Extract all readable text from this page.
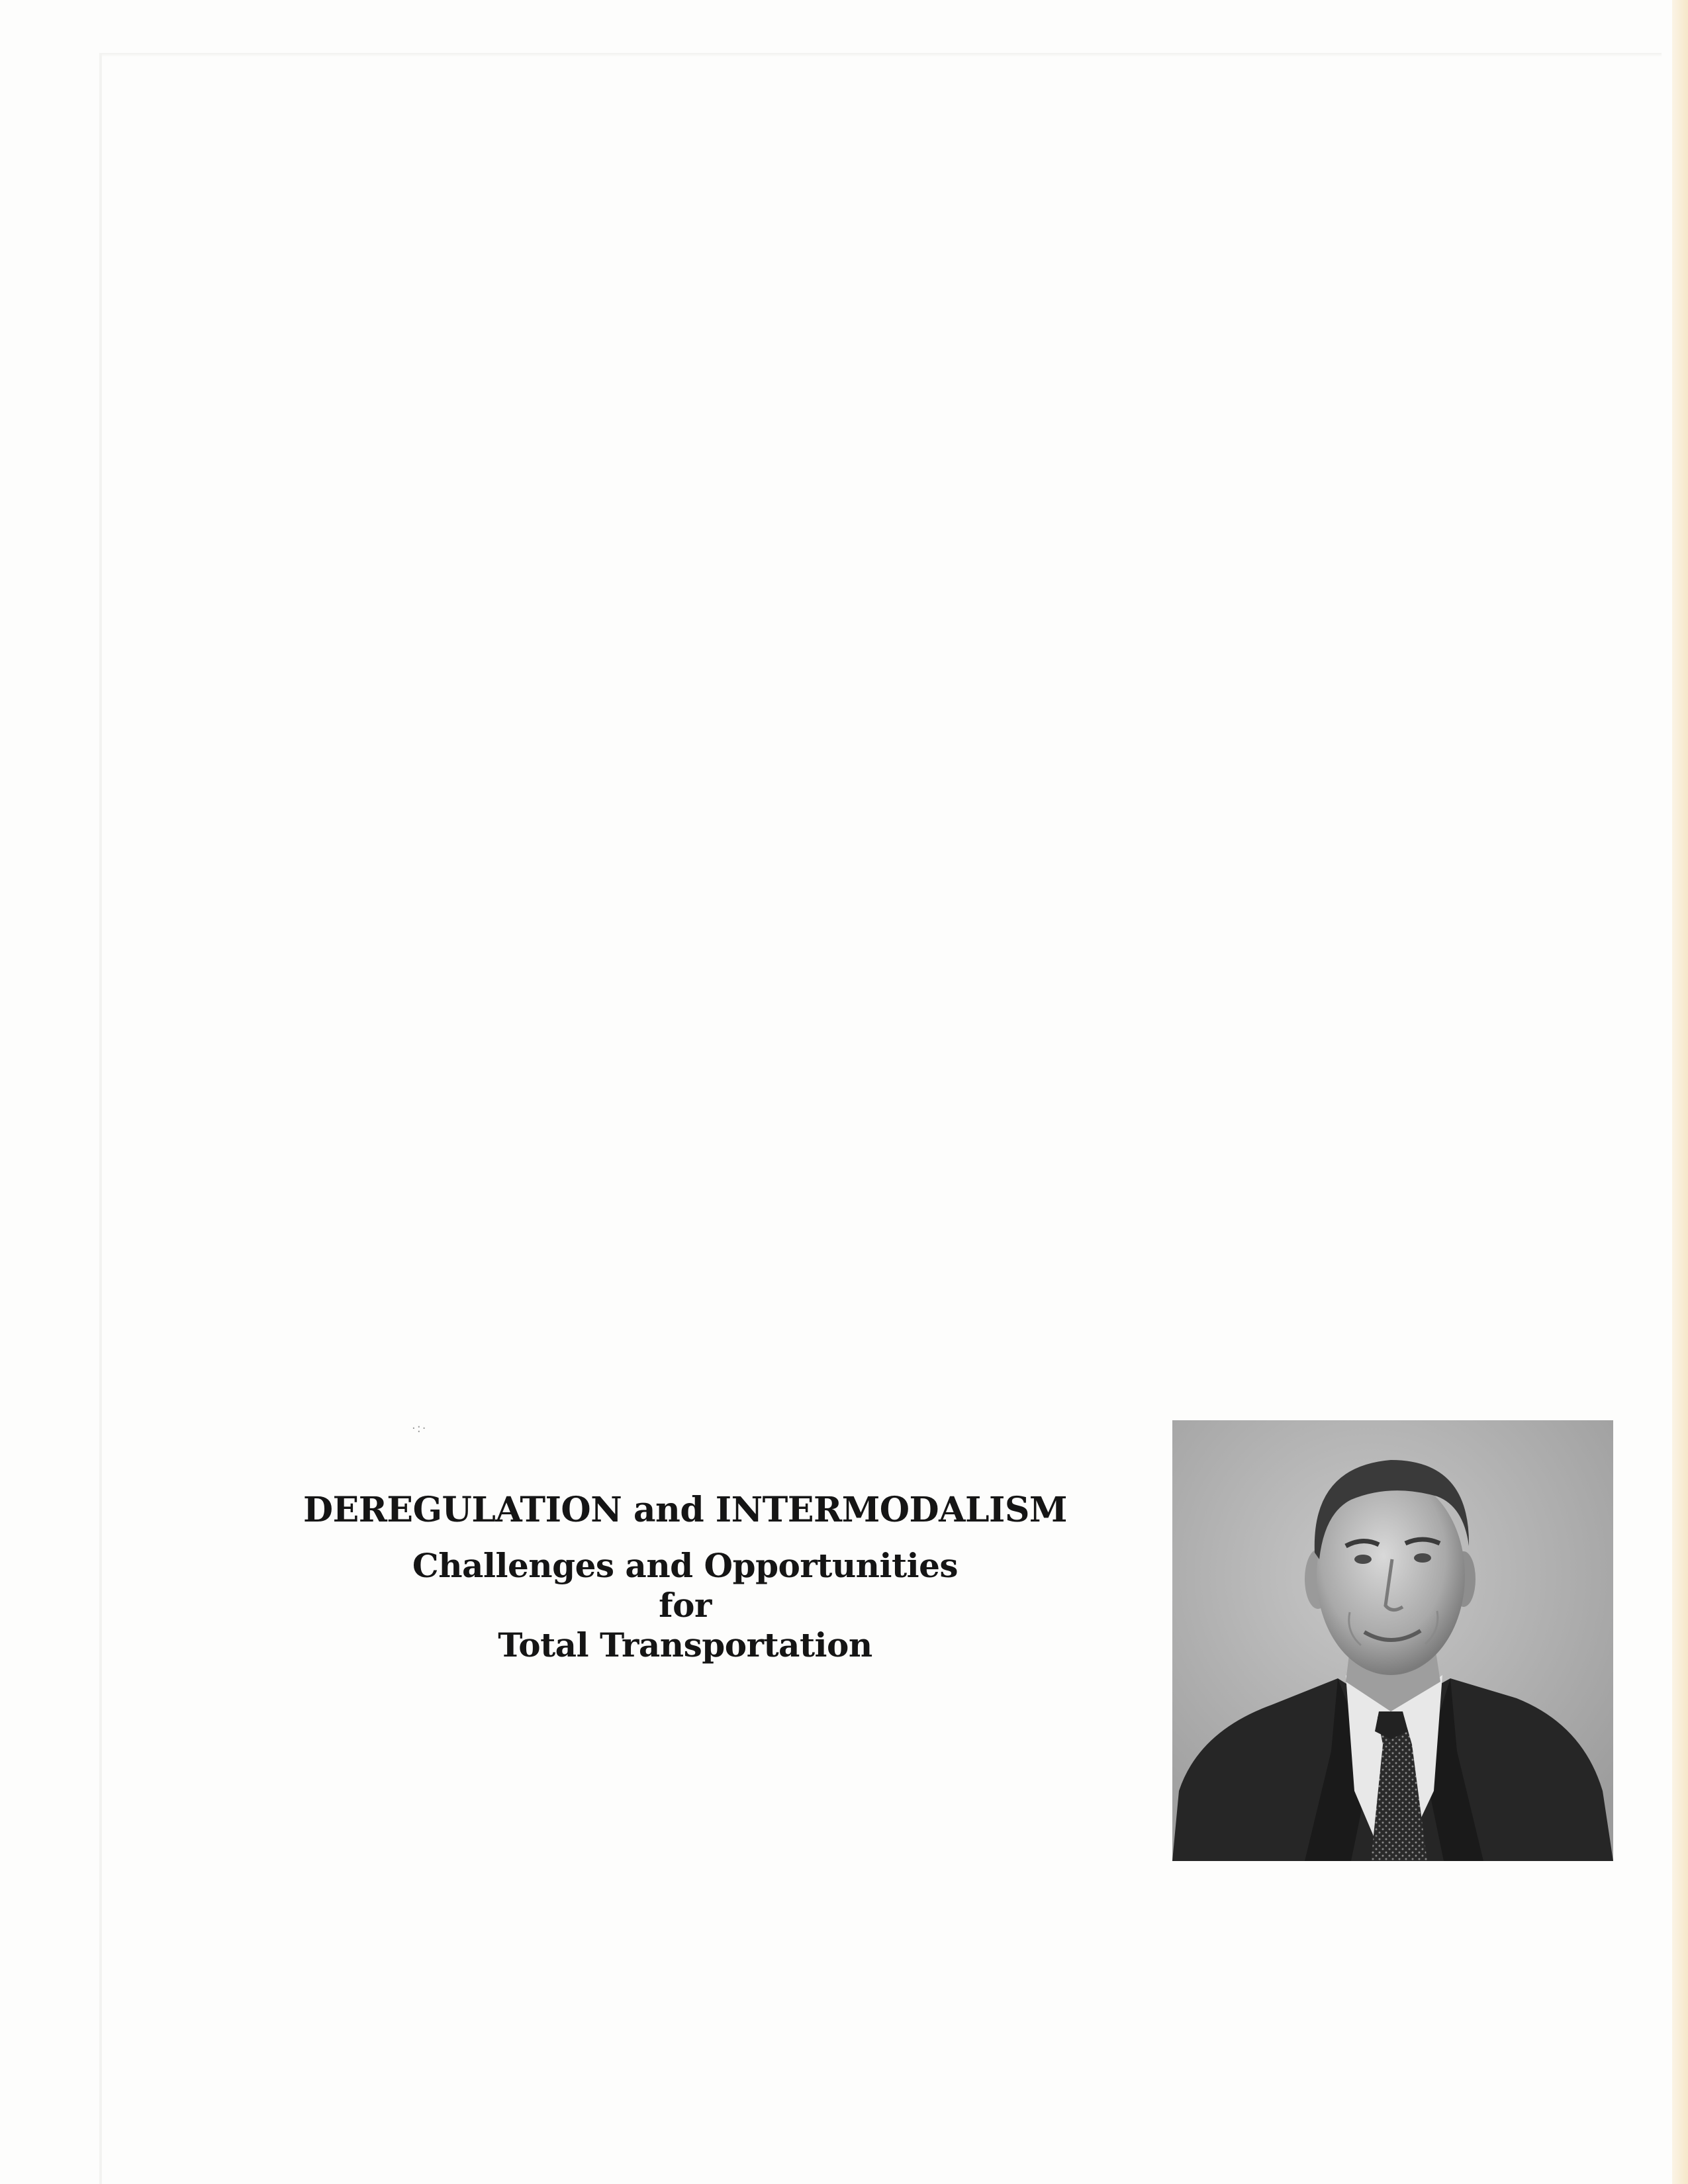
·:·
DEREGULATION and INTERMODALISM
Challenges and Opportunities
for
Total Transportation
